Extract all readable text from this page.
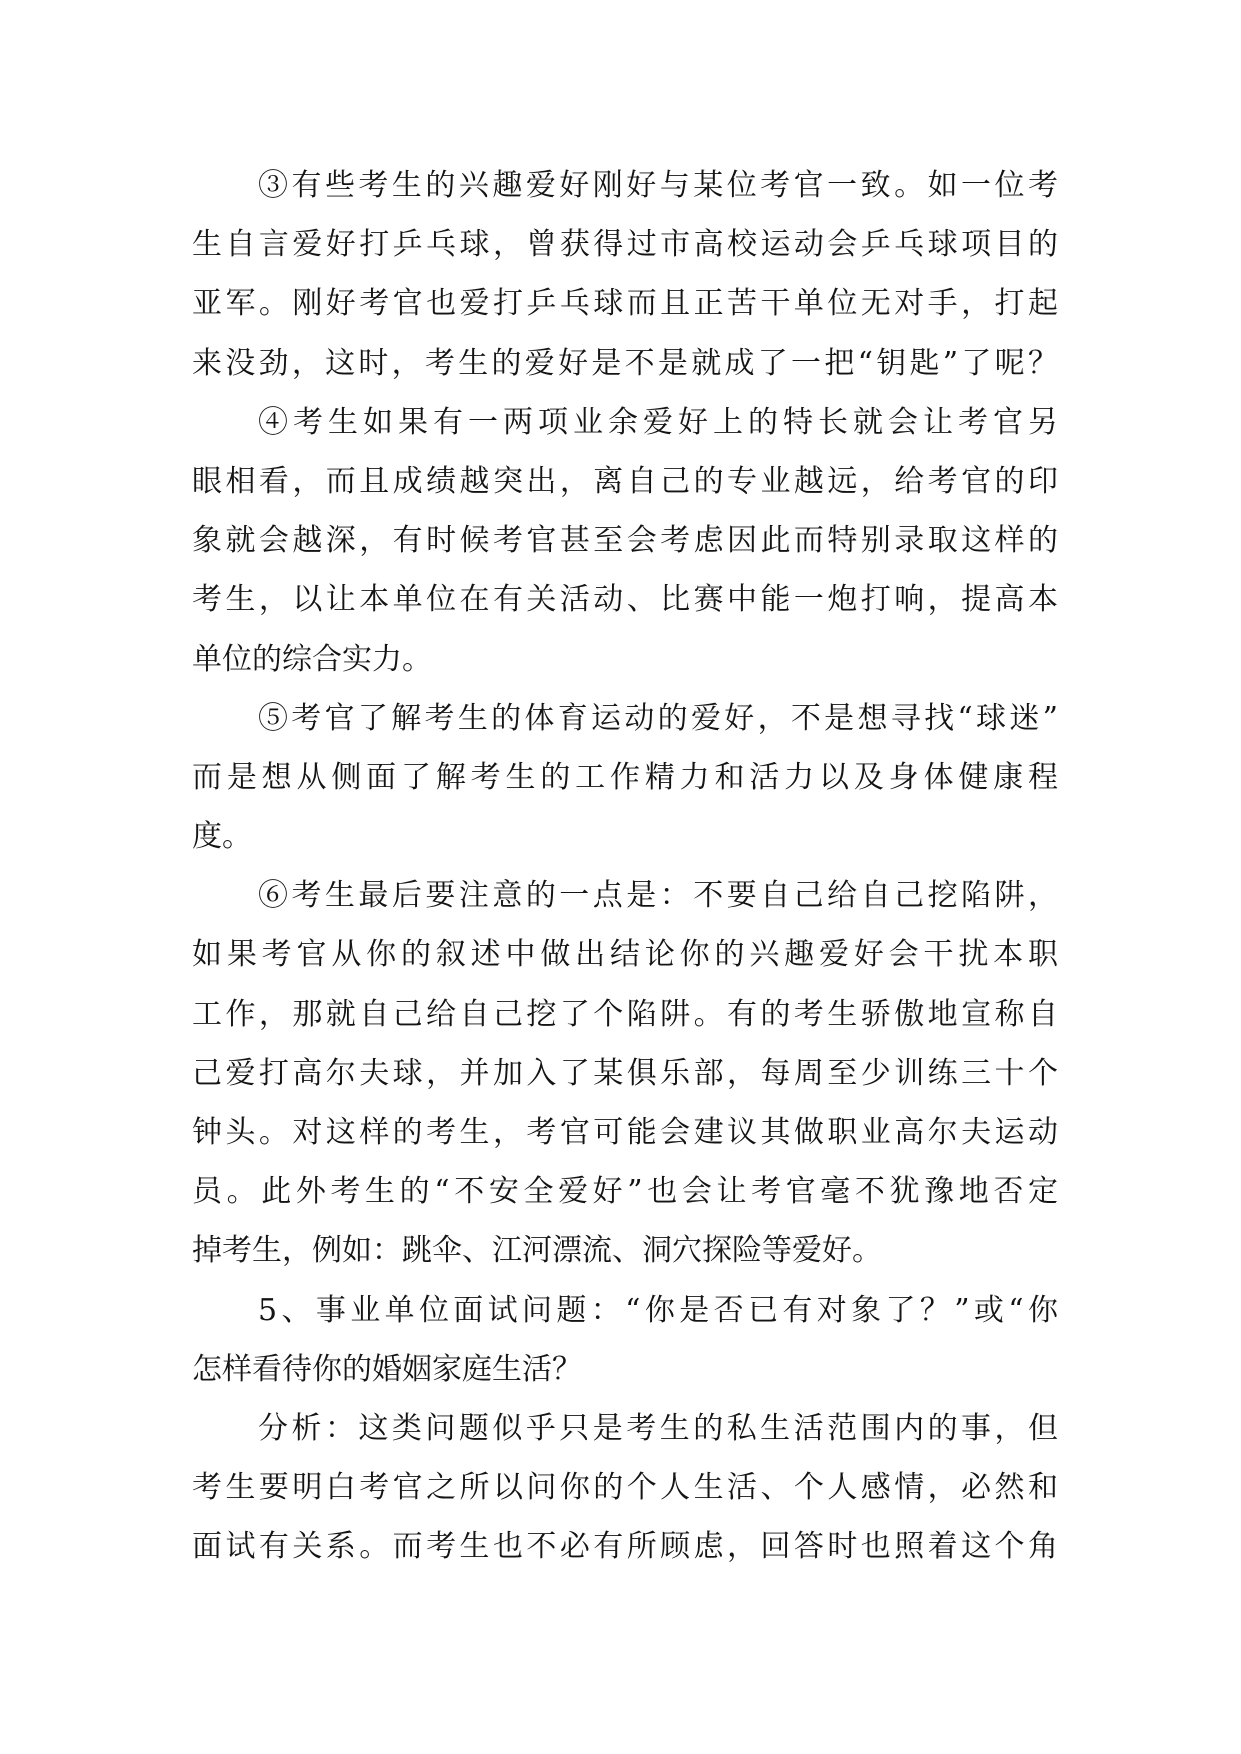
③有些考生的兴趣爱好刚好与某位考官一致。如一位考
生自言爱好打乒乓球，曾获得过市高校运动会乒乓球项目的
亚军。刚好考官也爱打乒乓球而且正苦干单位无对手，打起
来没劲，这时，考生的爱好是不是就成了一把“钥匙”了呢？
④考生如果有一两项业余爱好上的特长就会让考官另
眼相看，而且成绩越突出，离自己的专业越远，给考官的印
象就会越深，有时候考官甚至会考虑因此而特别录取这样的
考生，以让本单位在有关活动、比赛中能一炮打响，提高本
单位的综合实力。
⑤考官了解考生的体育运动的爱好，不是想寻找“球迷”
而是想从侧面了解考生的工作精力和活力以及身体健康程
度。
⑥考生最后要注意的一点是：不要自己给自己挖陷阱，
如果考官从你的叙述中做出结论你的兴趣爱好会干扰本职
工作，那就自己给自己挖了个陷阱。有的考生骄傲地宣称自
己爱打高尔夫球，并加入了某俱乐部，每周至少训练三十个
钟头。对这样的考生，考官可能会建议其做职业高尔夫运动
员。此外考生的“不安全爱好”也会让考官毫不犹豫地否定
掉考生，例如：跳伞、江河漂流、洞穴探险等爱好。
5、事业单位面试问题：“你是否已有对象了？”或“你
怎样看待你的婚姻家庭生活？
分析：这类问题似乎只是考生的私生活范围内的事，但
考生要明白考官之所以问你的个人生活、个人感情，必然和
面试有关系。而考生也不必有所顾虑，回答时也照着这个角
